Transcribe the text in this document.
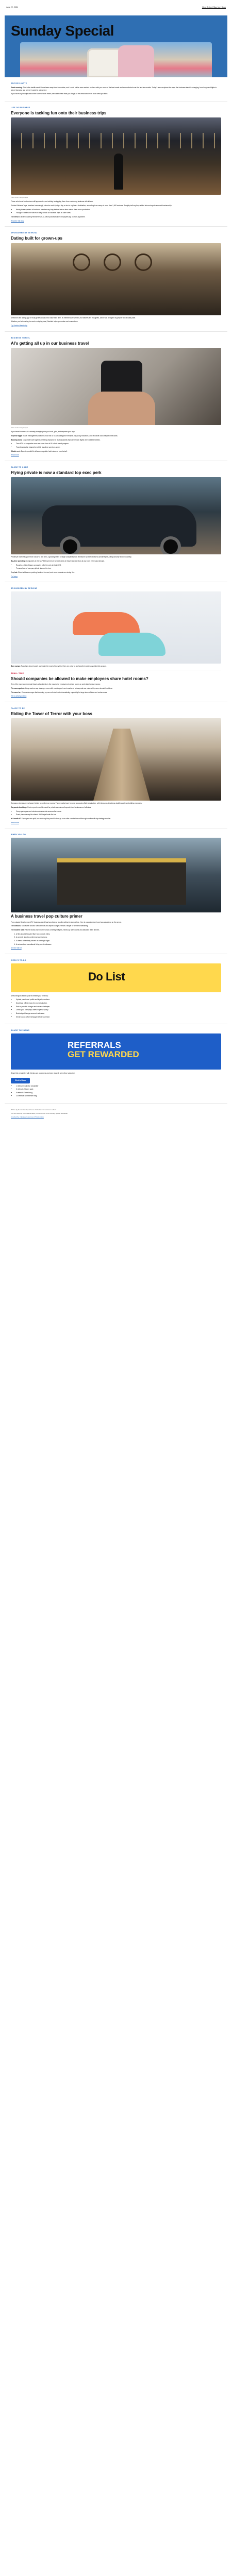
June 22, 2024	View Online | Sign Up | Shop
Sunday Special
EDITOR'S NOTE

Good morning. This is the twelfth week I have been away from the routine, and I could not be more excited to share with you some of the best reads we have collected over the last few months. Today's issue explores the ways that business travel is changing, from long-haul flights to airport lounges, and where it could be going next.

If you have any thoughts about the future of work travel, we want to hear from you. Reply to this email and let us know what you think.

LIFE OF BUSINESS
Everyone is tacking fun onto their business trips
Photo credit: Getty Images

Those who travel for business still appreciate, and nothing is stopping them from combining business with leisure.

Dubbed 'bleisure' trips, travelers increasingly extend a work trip by a day or two to explore a destination, according to a survey of more than 1,000 workers. Roughly half say they added leisure days to a recent business trip.

• Nearly three quarters of business travelers say they believe leisure time makes them more productive.
• Younger travelers are twice as likely to tack on vacation days as older ones.

The trend is driven in part by flexible return-to-office policies that let employees log on from anywhere.

Read the full story
SPONSORED BY SEEKIND
Dating built for grown-ups

Seekind is the dating app for busy professionals who value their time. Its members are verified, its matches are thoughtful, and it was designed by people who actually date.

Whether you're traveling for work or staying local, Seekind helps you make real connections.

Try Seekind free today
BUSINESS TRAVEL
AI's getting all up in our business travel
Photo credit: Getty Images

If you travel for work, AI is already changing how you book, plan, and expense your trips.

Expense apps: Travel management platforms now use AI to auto-categorize receipts, flag policy violations, and reconcile card charges in seconds.

Booking tools: Corporate travel agents are being replaced by chat assistants that can rebook flights when weather strikes.

• Over 40% of companies now use some form of AI in their travel program.
• Travelers say the biggest benefit is less time spent on admin.

What's next: Experts predict AI will soon negotiate hotel rates on your behalf.

Read more
CLOSE TO HOME
Flying private is now a standard top exec perk

Private jet travel has gone from luxury to line item. A growing share of large companies now reimburse top executives for private flights, citing security and productivity.

Big-time spending: Companies in the S&P 500 spent more on executive air travel last year than at any point in the past decade.

• Roughly a third of large companies offer the perk to their CEO.
• Personal use of company jets is also on the rise.

Yes, but: Shareholders are pushing back on the cost, and some boards are reining it in.

Full story
SPONSORED BY SEEKIND

Bon voyage: Pack light, travel smart, and make the most of every trip. Here are a few of our favorite travel-ready picks this season.

SMALL TALK
Should companies be allowed to make employees share hotel rooms?

One of the more controversial travel-policy trends is the request for employees to share rooms on work trips to save money.

The case against: Many workers say sharing a room with a colleague is an invasion of privacy and can make a trip more stressful, not less.

The case for: Companies argue that doubling up can cut hotel costs dramatically, especially for large team offsites and conferences.

Tell us what you think
PLACE TO BE
Riding the Tower of Terror with your boss

Company retreats are no longer limited to conference rooms. Theme parks have become a popular offsite destination, with rides and attractions doubling as team-building exercises.

Corporate bookings: Parks report record demand for private events and buyouts from businesses of all sizes.

• Group packages can include exclusive ride access after hours.
• Event planners say the shared thrill helps break the ice.

Is it worth it? Employees are split, but most say they would rather go on a roller coaster than sit through another all-day strategy session.

Read more
WHEN YOU GO
A business travel pop culture primer

From classic films to recent TV, business travel has long been a favorite setting for storytellers. Here is a quick primer to get you caught up on the genre.

The classics: Movies set around road warriors and airport lounges remain a staple of weekend streaming.

The modern take: Recent shows lean into the chaos of delayed flights, mixed-up hotel rooms and awkward team dinners.

1. A film about a frequent flyer who collects miles.
2. A comedy about a conference gone wrong.
3. A drama set entirely aboard an overnight flight.
4. A series about consultants living out of suitcases.
See the full list
WEEK'S TO-DO
Do List

A few things to add to your list before your next trip:

• Update your travel profile and loyalty numbers.
• Download offline maps for your destination.
• Pack a portable charger and universal adapter.
• Check your company's latest expense policy.
• Book airport lounge access in advance.
• Set an out-of-office message before you leave.
SHARE THE NEWS
REFERRALS
GET REWARDED

Share this newsletter with friends and coworkers and earn rewards when they subscribe.

Click to Share
• 1 referral: Exclusive newsletter
• 3 referrals: Sticker pack
• 5 referrals: Travel mug
• 10 referrals: Weekender bag

Written by the Sunday Special team. Edited by our newsroom editors.

You are receiving this email because you subscribed to the Sunday Special newsletter.

Unsubscribe | Update preferences | Privacy policy
